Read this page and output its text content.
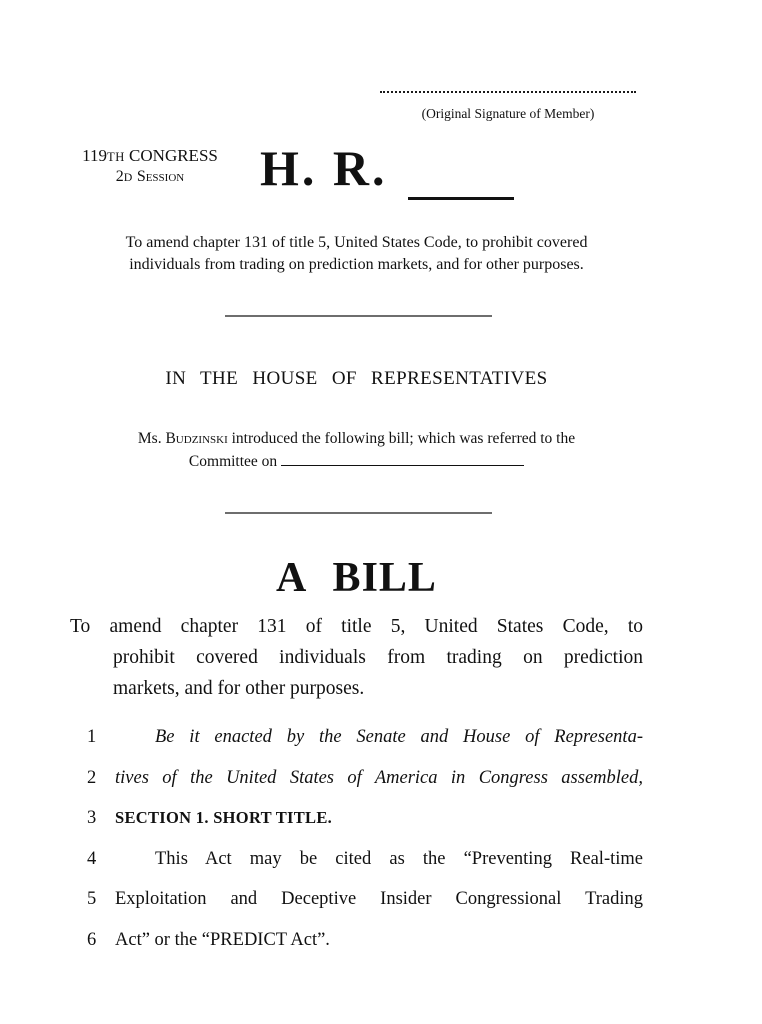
(Original Signature of Member)
119TH CONGRESS
2D Session	H. R.
To amend chapter 131 of title 5, United States Code, to prohibit covered
individuals from trading on prediction markets, and for other purposes.
IN THE HOUSE OF REPRESENTATIVES
Ms. Budzinski introduced the following bill; which was referred to the
Committee on
A BILL
To amend chapter 131 of title 5, United States Code, to
prohibit covered individuals from trading on prediction
markets, and for other purposes.
1	Be it enacted by the Senate and House of Representa-
2 tives of the United States of America in Congress assembled,
3 SECTION 1. SHORT TITLE.
4	This Act may be cited as the “Preventing Real-time
5 Exploitation and Deceptive Insider Congressional Trading
6 Act” or the “PREDICT Act”.
